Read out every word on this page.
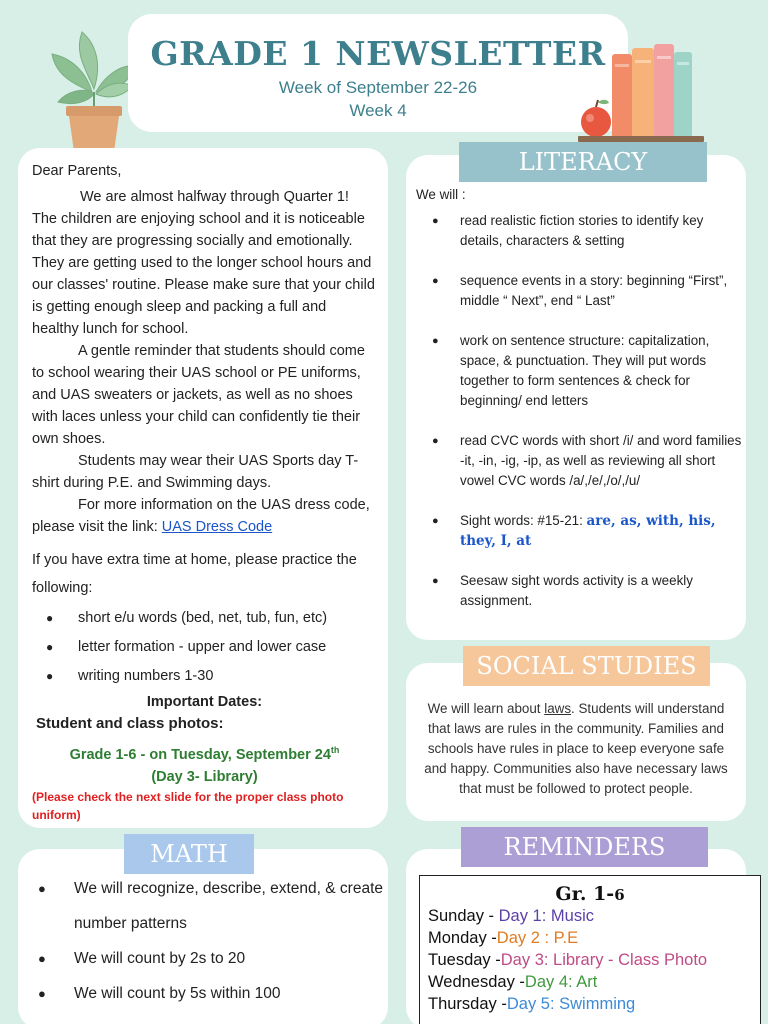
GRADE 1 NEWSLETTER
Week of September 22-26
Week 4

Dear Parents,

We are almost halfway through Quarter 1! The children are enjoying school and it is noticeable that they are progressing socially and emotionally. They are getting used to the longer school hours and our classes' routine. Please make sure that your child is getting enough sleep and packing a full and healthy lunch for school.

A gentle reminder that students should come to school wearing their UAS school or PE uniforms, and UAS sweaters or jackets, as well as no shoes with laces unless your child can confidently tie their own shoes.

Students may wear their UAS Sports day T-shirt during P.E. and Swimming days.

For more information on the UAS dress code, please visit the link: UAS Dress Code

If you have extra time at home, please practice the following:

● short e/u words (bed, net, tub, fun, etc)
● letter formation - upper and lower case
● writing numbers 1-30

Important Dates:

Student and class photos:

Grade 1-6 - on Tuesday, September 24th

(Day 3- Library)

(Please check the next slide for the proper class photo uniform)

We will :

● read realistic fiction stories to identify key details, characters & setting
● sequence events in a story: beginning “First”, middle “ Next”, end “ Last”
● work on sentence structure: capitalization, space, & punctuation. They will put words together to form sentences & check for beginning/ end letters
● read CVC words with short /i/ and word families -it, -in, -ig, -ip, as well as reviewing all short vowel CVC words /a/,/e/,/o/,/u/
● Sight words: #15-21: are, as, with, his, they, I, at
● Seesaw sight words activity is a weekly assignment.
LITERACY

We will learn about laws. Students will understand that laws are rules in the community. Families and schools have rules in place to keep everyone safe and happy. Communities also have necessary laws that must be followed to protect people.

SOCIAL STUDIES
● We will recognize, describe, extend, & create number patterns
● We will count by 2s to 20
● We will count by 5s within 100
MATH	REMINDERS
Gr. 1-6
Sunday - Day 1: Music
Monday -Day 2 : P.E
Tuesday -Day 3: Library - Class Photo
Wednesday -Day 4: Art
Thursday -Day 5: Swimming
